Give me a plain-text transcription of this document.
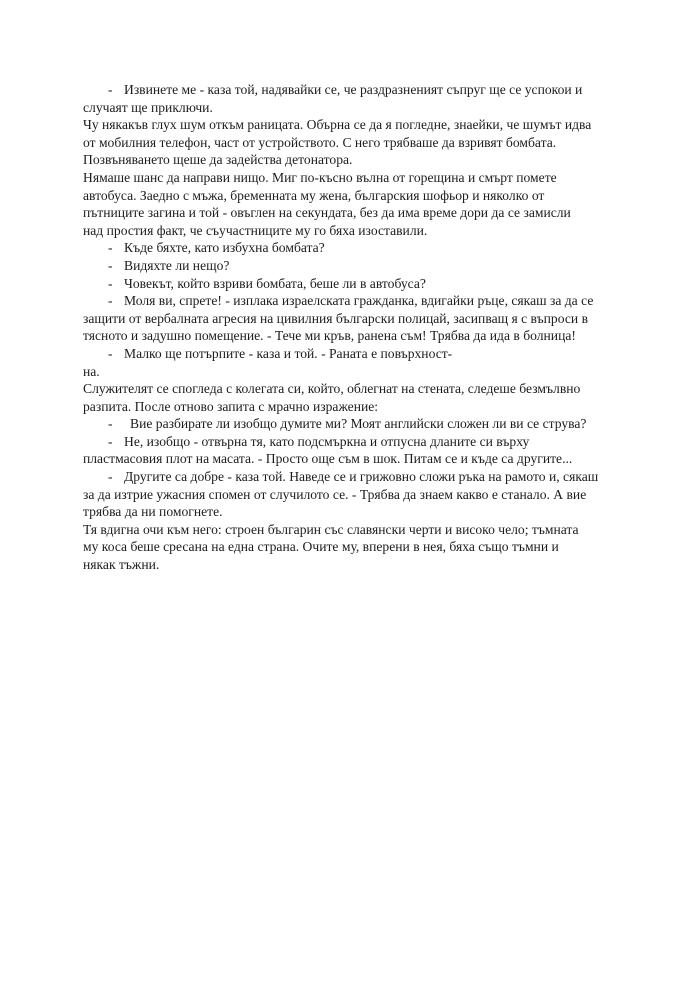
- Извинете ме - каза той, надявайки се, че раздразненият съпруг ще се успокои и
случаят ще приключи.
Чу някакъв глух шум откъм раницата. Обърна се да я погледне, знаейки, че шумът идва
от мобилния телефон, част от устройството. С него трябваше да взривят бомбата.
Позвъняването щеше да задейства детонатора.
Нямаше шанс да направи нищо. Миг по-късно вълна от горещина и смърт помете
автобуса. Заедно с мъжа, бременната му жена, българския шофьор и няколко от
пътниците загина и той - овъглен на секундата, без да има време дори да се замисли
над простия факт, че съучастниците му го бяха изоставили.
- Къде бяхте, като избухна бомбата?
- Видяхте ли нещо?
- Човекът, който взриви бомбата, беше ли в автобуса?
- Моля ви, спрете! - изплака израелската гражданка, вдигайки ръце, сякаш за да се
защити от вербалната агресия на цивилния български полицай, засипващ я с въпроси в
тясното и задушно помещение. - Тече ми кръв, ранена съм! Трябва да ида в болница!
- Малко ще потърпите - каза и той. - Раната е повърхност-
на.
Служителят се спогледа с колегата си, който, облегнат на стената, следеше безмълвно
разпита. После отново запита с мрачно изражение:
- Вие разбирате ли изобщо думите ми? Моят английски сложен ли ви се струва?
- Не, изобщо - отвърна тя, като подсмъркна и отпусна дланите си върху
пластмасовия плот на масата. - Просто още съм в шок. Питам се и къде са другите...
- Другите са добре - каза той. Наведе се и грижовно сложи ръка на рамото и, сякаш
за да изтрие ужасния спомен от случилото се. - Трябва да знаем какво е станало. А вие
трябва да ни помогнете.
Тя вдигна очи към него: строен българин със славянски черти и високо чело; тъмната
му коса беше сресана на една страна. Очите му, вперени в нея, бяха също тъмни и
някак тъжни.
